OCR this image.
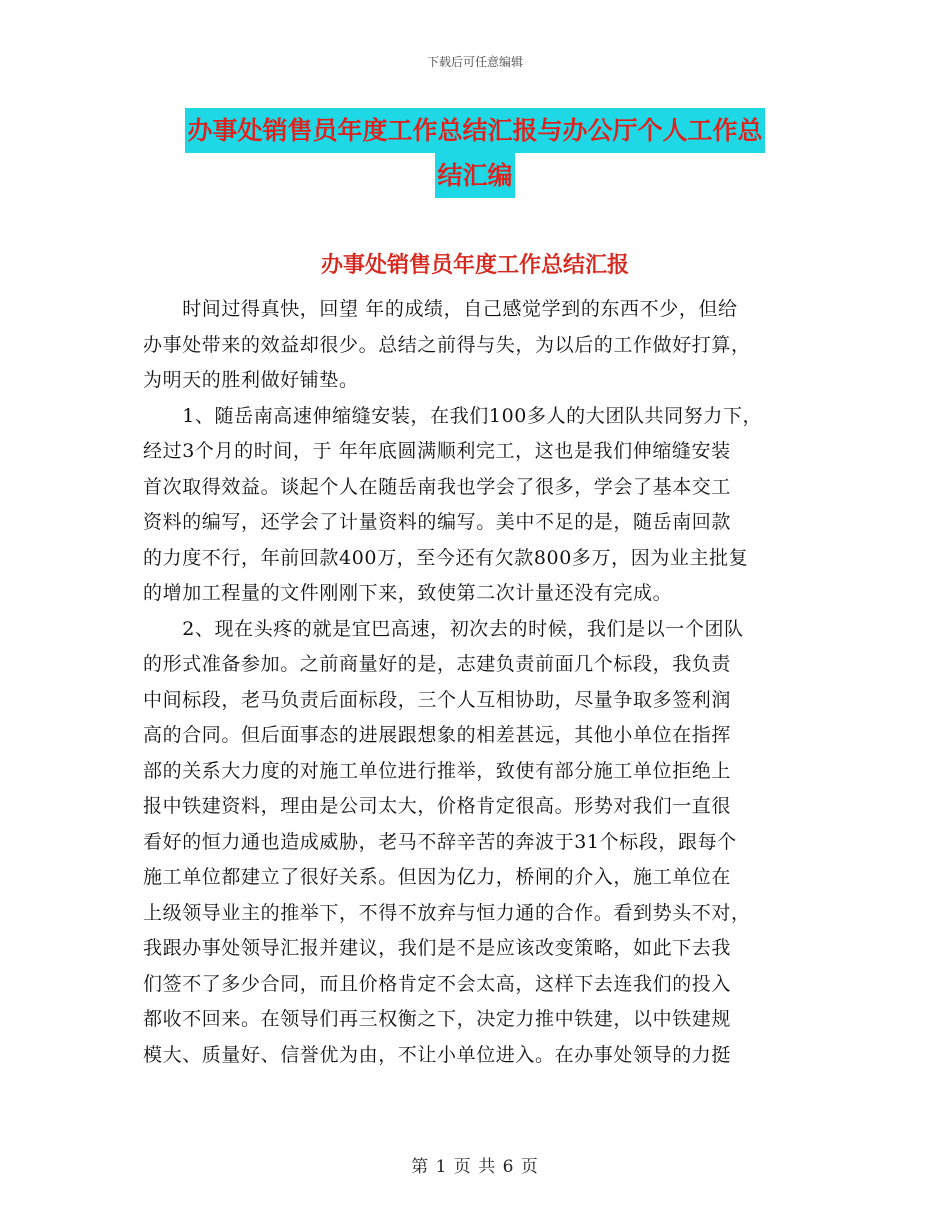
下载后可任意编辑
办事处销售员年度工作总结汇报与办公厅个人工作总
结汇编
办事处销售员年度工作总结汇报
　　时间过得真快，回望 年的成绩，自己感觉学到的东西不少，但给
办事处带来的效益却很少。总结之前得与失，为以后的工作做好打算，
为明天的胜利做好铺垫。
　　1、随岳南高速伸缩缝安装，在我们100多人的大团队共同努力下，
经过3个月的时间，于 年年底圆满顺利完工，这也是我们伸缩缝安装
首次取得效益。谈起个人在随岳南我也学会了很多，学会了基本交工
资料的编写，还学会了计量资料的编写。美中不足的是，随岳南回款
的力度不行，年前回款400万，至今还有欠款800多万，因为业主批复
的增加工程量的文件刚刚下来，致使第二次计量还没有完成。
　　2、现在头疼的就是宜巴高速，初次去的时候，我们是以一个团队
的形式准备参加。之前商量好的是，志建负责前面几个标段，我负责
中间标段，老马负责后面标段，三个人互相协助，尽量争取多签利润
高的合同。但后面事态的进展跟想象的相差甚远，其他小单位在指挥
部的关系大力度的对施工单位进行推举，致使有部分施工单位拒绝上
报中铁建资料，理由是公司太大，价格肯定很高。形势对我们一直很
看好的恒力通也造成威胁，老马不辞辛苦的奔波于31个标段，跟每个
施工单位都建立了很好关系。但因为亿力，桥闸的介入，施工单位在
上级领导业主的推举下，不得不放弃与恒力通的合作。看到势头不对，
我跟办事处领导汇报并建议，我们是不是应该改变策略，如此下去我
们签不了多少合同，而且价格肯定不会太高，这样下去连我们的投入
都收不回来。在领导们再三权衡之下，决定力推中铁建，以中铁建规
模大、质量好、信誉优为由，不让小单位进入。在办事处领导的力挺
第 1 页 共 6 页
